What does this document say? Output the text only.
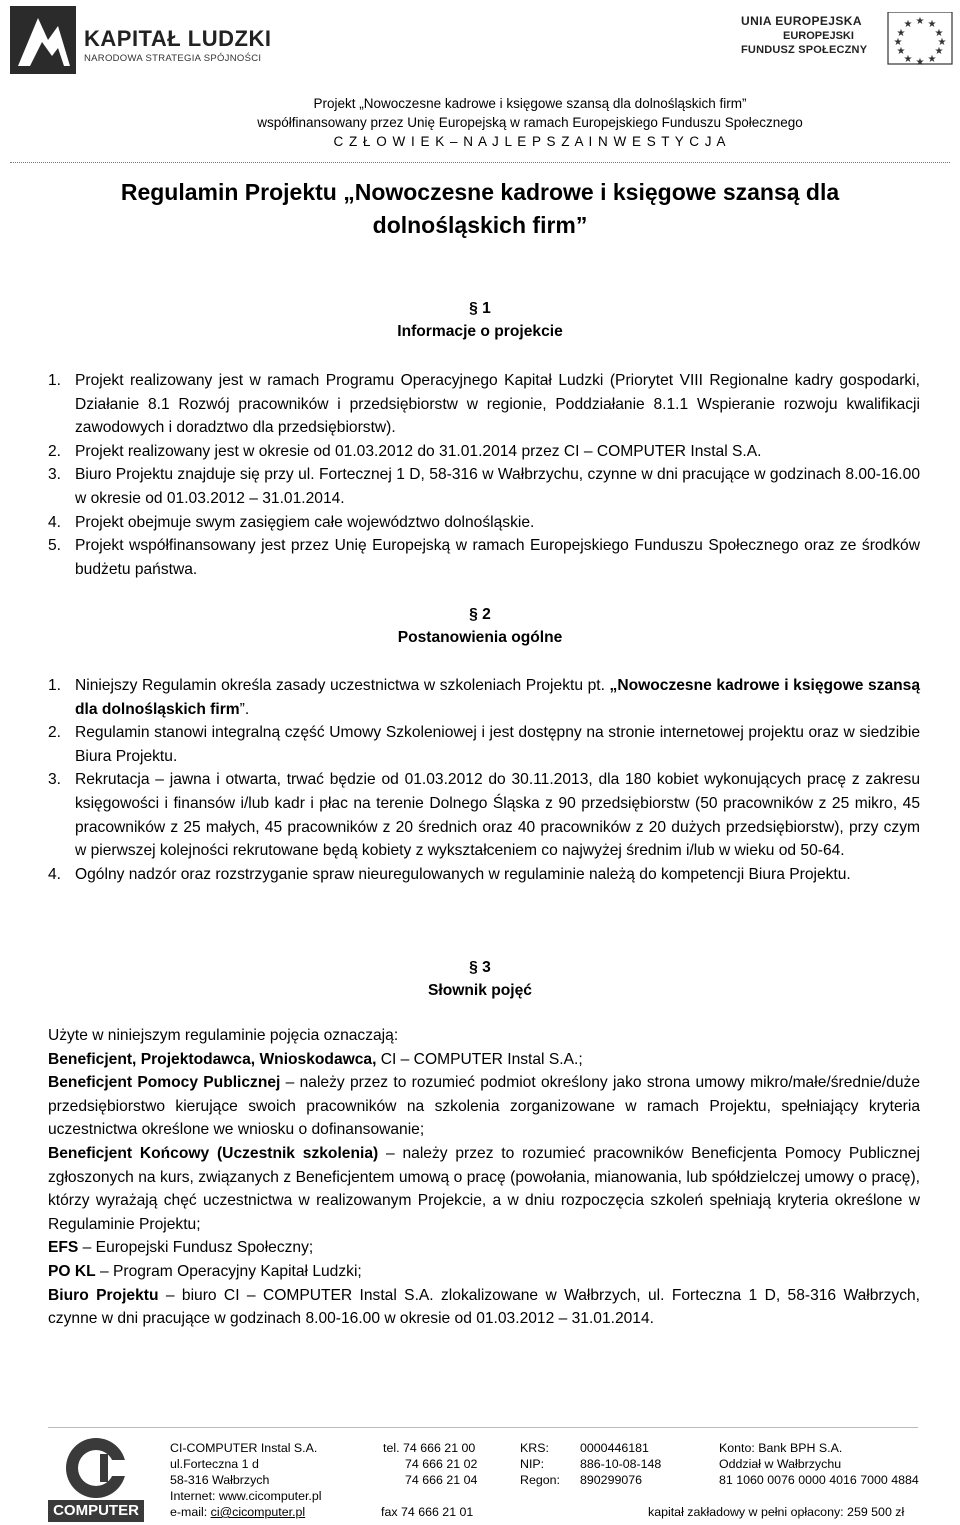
KAPITAŁ LUDZKI
NARODOWA STRATEGIA SPÓJNOŚCI
★ ★
★
★
★
★
★
★
★
★
★
★
UNIA EUROPEJSKA
EUROPEJSKI
FUNDUSZ SPOŁECZNY
Projekt „Nowoczesne kadrowe i księgowe szansą dla dolnośląskich firm”
współfinansowany przez Unię Europejską w ramach Europejskiego Funduszu Społecznego
C Z Ł O W I E K – N A J L E P S Z A I N W E S T Y C J A
Regulamin Projektu „Nowoczesne kadrowe i księgowe szansą dla
dolnośląskich firm”
§ 1
Informacje o projekcie
1. Projekt realizowany jest w ramach Programu Operacyjnego Kapitał Ludzki (Priorytet VIII Regionalne kadry gospodarki, Działanie 8.1 Rozwój pracowników i przedsiębiorstw w regionie, Poddziałanie 8.1.1 Wspieranie rozwoju kwalifikacji zawodowych i doradztwo dla przedsiębiorstw).
2. Projekt realizowany jest w okresie od 01.03.2012 do 31.01.2014 przez CI – COMPUTER Instal S.A.
3. Biuro Projektu znajduje się przy ul. Fortecznej 1 D, 58-316 w Wałbrzychu, czynne w dni pracujące w godzinach 8.00-16.00 w okresie od 01.03.2012 – 31.01.2014.
4. Projekt obejmuje swym zasięgiem całe województwo dolnośląskie.
5. Projekt współfinansowany jest przez Unię Europejską w ramach Europejskiego Funduszu Społecznego oraz ze środków budżetu państwa.
§ 2
Postanowienia ogólne
1. Niniejszy Regulamin określa zasady uczestnictwa w szkoleniach Projektu pt. „Nowoczesne kadrowe i księgowe szansą dla dolnośląskich firm”.
2. Regulamin stanowi integralną część Umowy Szkoleniowej i jest dostępny na stronie internetowej projektu oraz w siedzibie Biura Projektu.
3. Rekrutacja – jawna i otwarta, trwać będzie od 01.03.2012 do 30.11.2013, dla 180 kobiet wykonujących pracę z zakresu księgowości i finansów i/lub kadr i płac na terenie Dolnego Śląska z 90 przedsiębiorstw (50 pracowników z 25 mikro, 45 pracowników z 25 małych, 45 pracowników z 20 średnich oraz 40 pracowników z 20 dużych przedsiębiorstw), przy czym w pierwszej kolejności rekrutowane będą kobiety z wykształceniem co najwyżej średnim i/lub w wieku od 50-64.
4. Ogólny nadzór oraz rozstrzyganie spraw nieuregulowanych w regulaminie należą do kompetencji Biura Projektu.
§ 3
Słownik pojęć
Użyte w niniejszym regulaminie pojęcia oznaczają:
Beneficjent, Projektodawca, Wnioskodawca, CI – COMPUTER Instal S.A.;
Beneficjent Pomocy Publicznej – należy przez to rozumieć podmiot określony jako strona umowy mikro/małe/średnie/duże przedsiębiorstwo kierujące swoich pracowników na szkolenia zorganizowane w ramach Projektu, spełniający kryteria uczestnictwa określone we wniosku o dofinansowanie;
Beneficjent Końcowy (Uczestnik szkolenia) – należy przez to rozumieć pracowników Beneficjenta Pomocy Publicznej zgłoszonych na kurs, związanych z Beneficjentem umową o pracę (powołania, mianowania, lub spółdzielczej umowy o pracę), którzy wyrażają chęć uczestnictwa w realizowanym Projekcie, a w dniu rozpoczęcia szkoleń spełniają kryteria określone w Regulaminie Projektu;
EFS – Europejski Fundusz Społeczny;
PO KL – Program Operacyjny Kapitał Ludzki;
Biuro Projektu – biuro CI – COMPUTER Instal S.A. zlokalizowane w Wałbrzych, ul. Forteczna 1 D, 58-316 Wałbrzych, czynne w dni pracujące w godzinach 8.00-16.00 w okresie od 01.03.2012 – 31.01.2014.
COMPUTER
CI-COMPUTER Instal S.A.
ul.Forteczna 1 d
58-316 Wałbrzych
Internet: www.cicomputer.pl
e-mail: ci@cicomputer.pl
tel. 74 666 21 00
74 666 21 02
74 666 21 04
fax 74 666 21 01
KRS:
NIP:
Regon:
0000446181
886-10-08-148
890299076
Konto: Bank BPH S.A.
Oddział w Wałbrzychu
81 1060 0076 0000 4016 7000 4884
kapitał zakładowy w pełni opłacony: 259 500 zł
